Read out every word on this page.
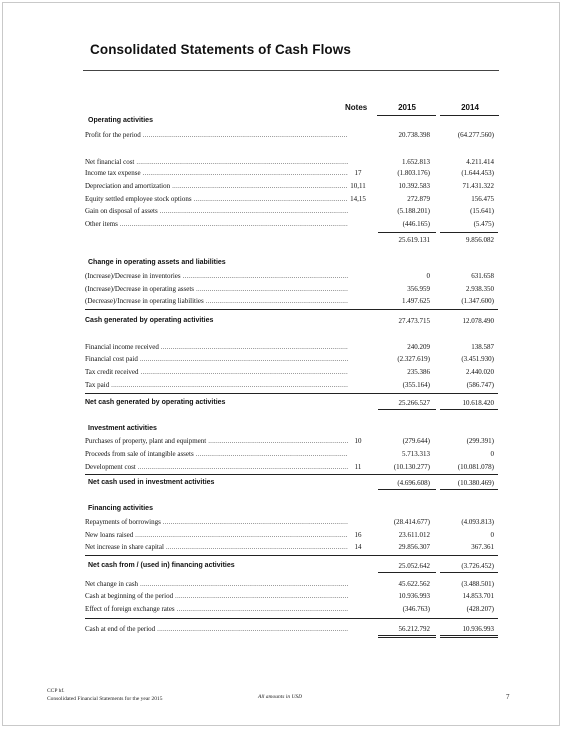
Consolidated Statements of Cash Flows
Notes	2015	2014
Operating activities
Profit for the period .....	20.738.398	(64.277.560)
Net financial cost .....	1.652.813	4.211.414
Income tax expense .....	17	(1.803.176)	(1.644.453)
Depreciation and amortization .....	10,11	10.392.583	71.431.322
Equity settled employee stock options .....	14,15	272.879	156.475
Gain on disposal of assets .....	(5.188.201)	(15.641)
Other items .....	(446.165)	(5.475)
25.619.131	9.856.082
Change in operating assets and liabilities
(Increase)/Decrease in inventories .....	0	631.658
(Increase)/Decrease in operating assets .....	356.959	2.938.350
(Decrease)/Increase in operating liabilities .....	1.497.625	(1.347.600)
Cash generated by operating activities	27.473.715	12.078.490
Financial income received .....	240.209	138.587
Financial cost paid .....	(2.327.619)	(3.451.930)
Tax credit received .....	235.386	2.440.020
Tax paid .....	(355.164)	(586.747)
Net cash generated by operating activities	25.266.527	10.618.420
Investment activities
Purchases of property, plant and equipment .....	10	(279.644)	(299.391)
Proceeds from sale of intangible assets .....	5.713.313	0
Development cost .....	11	(10.130.277)	(10.081.078)
Net cash used in investment activities	(4.696.608)	(10.380.469)
Financing activities
Repayments of borrowings .....	(28.414.677)	(4.093.813)
New loans raised .....	16	23.611.012	0
Net increase in share capital .....	14	29.856.307	367.361
Net cash from / (used in) financing activities	25.052.642	(3.726.452)
Net change in cash .....	45.622.562	(3.488.501)
Cash at beginning of the period .....	10.936.993	14.853.701
Effect of foreign exchange rates .....	(346.763)	(428.207)
Cash at end of the period .....	56.212.792	10.936.993
CCP hf.
Consolidated Financial Statements for the year 2015	All amounts in USD	7
